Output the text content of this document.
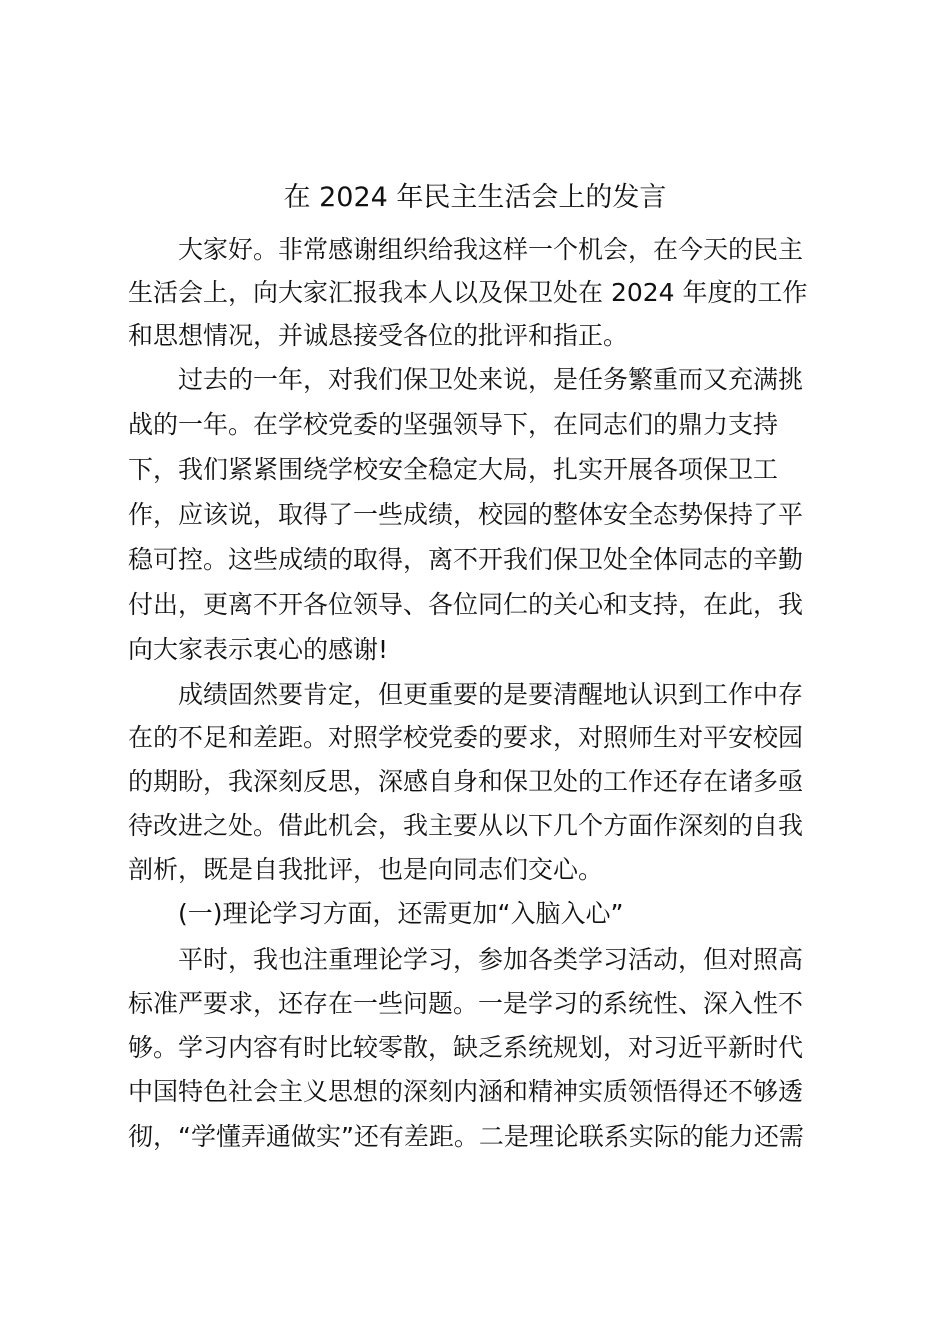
在 2024 年民主生活会上的发言
大家好。非常感谢组织给我这样一个机会，在今天的民主
生活会上，向大家汇报我本人以及保卫处在 2024 年度的工作
和思想情况，并诚恳接受各位的批评和指正。
过去的一年，对我们保卫处来说，是任务繁重而又充满挑
战的一年。在学校党委的坚强领导下，在同志们的鼎力支持
下，我们紧紧围绕学校安全稳定大局，扎实开展各项保卫工
作，应该说，取得了一些成绩，校园的整体安全态势保持了平
稳可控。这些成绩的取得，离不开我们保卫处全体同志的辛勤
付出，更离不开各位领导、各位同仁的关心和支持，在此，我
向大家表示衷心的感谢!
成绩固然要肯定，但更重要的是要清醒地认识到工作中存
在的不足和差距。对照学校党委的要求，对照师生对平安校园
的期盼，我深刻反思，深感自身和保卫处的工作还存在诸多亟
待改进之处。借此机会，我主要从以下几个方面作深刻的自我
剖析，既是自我批评，也是向同志们交心。
(一)理论学习方面，还需更加“入脑入心”
平时，我也注重理论学习，参加各类学习活动，但对照高
标准严要求，还存在一些问题。一是学习的系统性、深入性不
够。学习内容有时比较零散，缺乏系统规划，对习近平新时代
中国特色社会主义思想的深刻内涵和精神实质领悟得还不够透
彻，“学懂弄通做实”还有差距。二是理论联系实际的能力还需
